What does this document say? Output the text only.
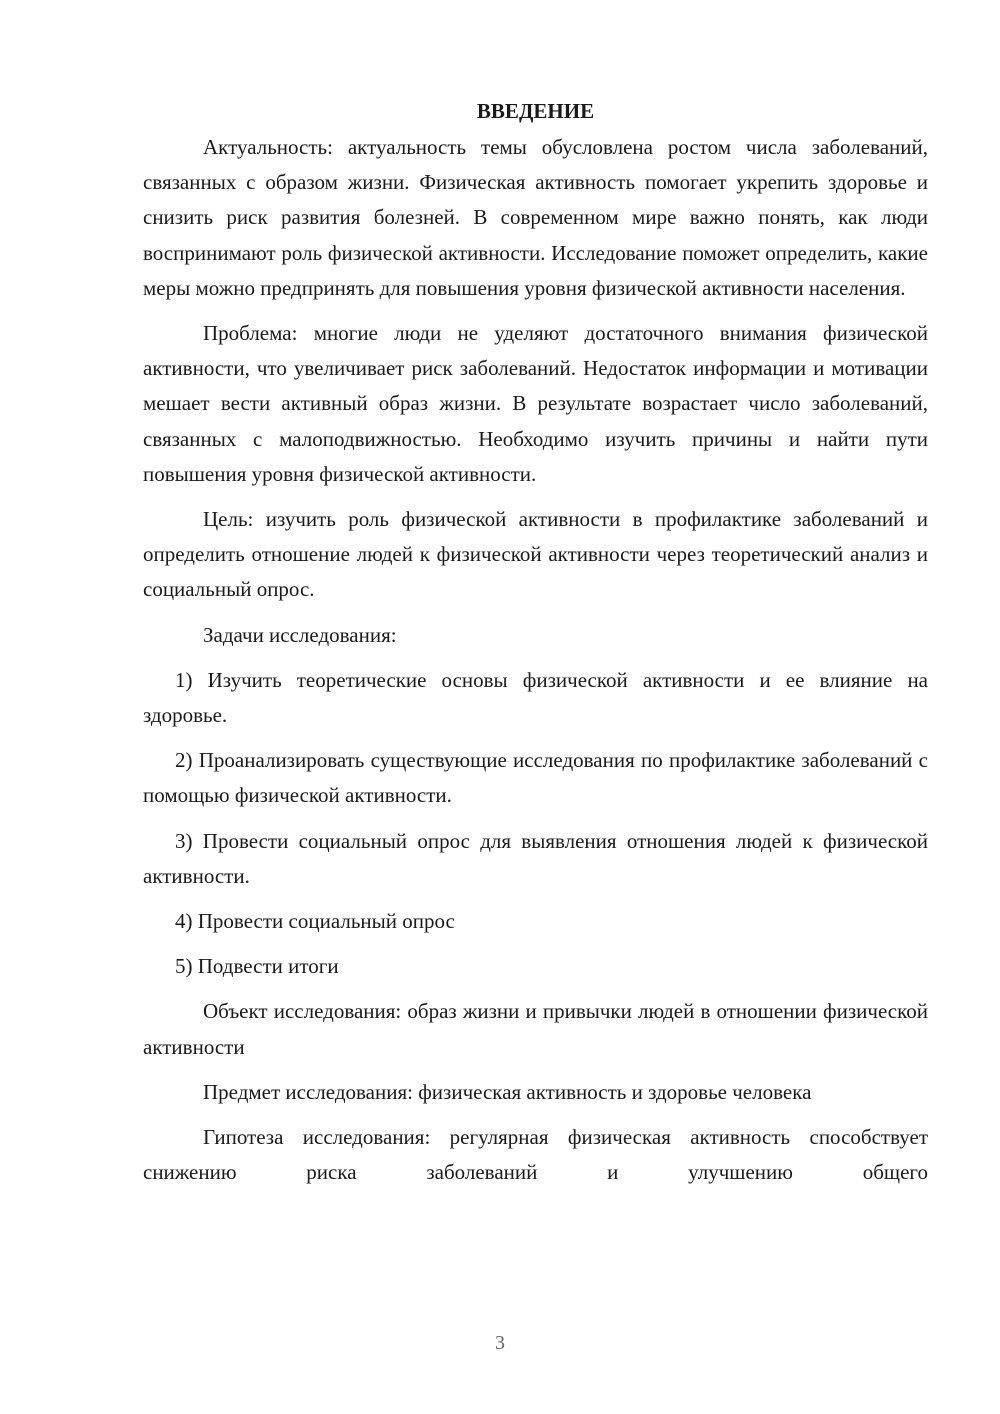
ВВЕДЕНИЕ

Актуальность: актуальность темы обусловлена ростом числа заболеваний, связанных с образом жизни. Физическая активность помогает укрепить здоровье и снизить риск развития болезней. В современном мире важно понять, как люди воспринимают роль физической активности. Исследование поможет определить, какие меры можно предпринять для повышения уровня физической активности населения.

Проблема: многие люди не уделяют достаточного внимания физической активности, что увеличивает риск заболеваний. Недостаток информации и мотивации мешает вести активный образ жизни. В результате возрастает число заболеваний, связанных с малоподвижностью. Необходимо изучить причины и найти пути повышения уровня физической активности.

Цель: изучить роль физической активности в профилактике заболеваний и определить отношение людей к физической активности через теоретический анализ и социальный опрос.

Задачи исследования:

1) Изучить теоретические основы физической активности и ее влияние на здоровье.

2) Проанализировать существующие исследования по профилактике заболеваний с помощью физической активности.

3) Провести социальный опрос для выявления отношения людей к физической активности.

4) Провести социальный опрос

5) Подвести итоги

Объект исследования: образ жизни и привычки людей в отношении физической активности

Предмет исследования: физическая активность и здоровье человека

Гипотеза исследования: регулярная физическая активность способствует снижению риска заболеваний и улучшению общего

3
